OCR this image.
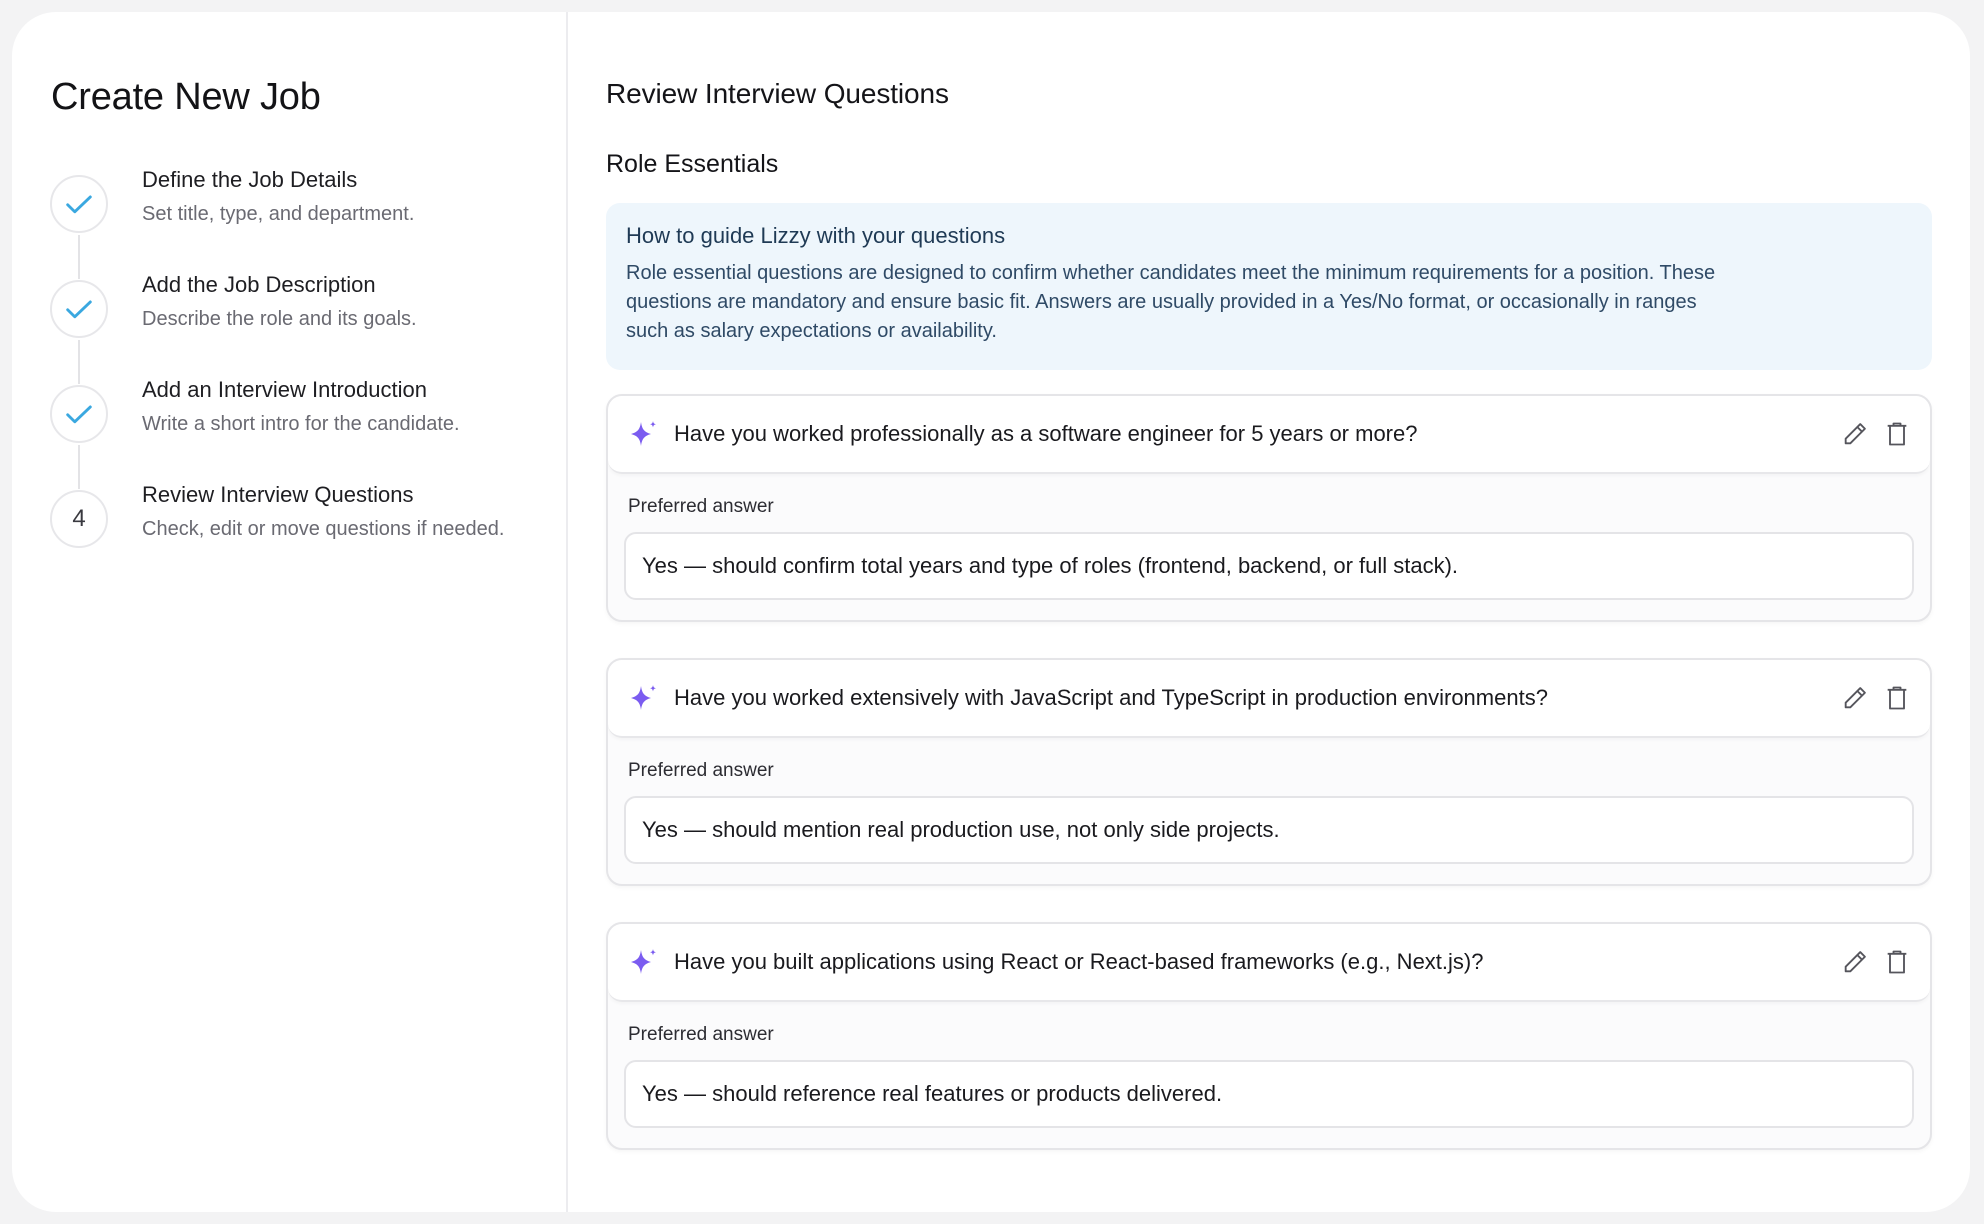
Create New Job
Define the Job Details
Set title, type, and department.
Add the Job Description
Describe the role and its goals.
Add an Interview Introduction
Write a short intro for the candidate.
4
Review Interview Questions
Check, edit or move questions if needed.
Review Interview Questions
Role Essentials
How to guide Lizzy with your questions
Role essential questions are designed to confirm whether candidates meet the minimum requirements for a position. These questions are mandatory and ensure basic fit. Answers are usually provided in a Yes/No format, or occasionally in ranges such as salary expectations or availability.
Have you worked professionally as a software engineer for 5 years or more?
Preferred answer
Yes — should confirm total years and type of roles (frontend, backend, or full stack).
Have you worked extensively with JavaScript and TypeScript in production environments?
Preferred answer
Yes — should mention real production use, not only side projects.
Have you built applications using React or React-based frameworks (e.g., Next.js)?
Preferred answer
Yes — should reference real features or products delivered.
